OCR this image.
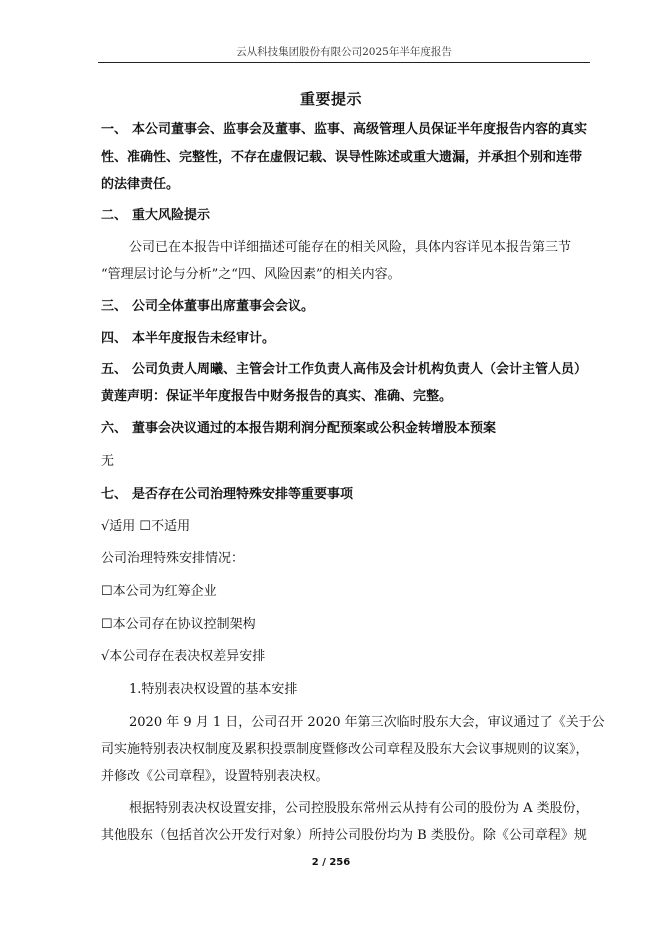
云从科技集团股份有限公司2025年半年度报告
重要提示
一、 本公司董事会、监事会及董事、监事、高级管理人员保证半年度报告内容的真实
性、准确性、完整性，不存在虚假记载、误导性陈述或重大遗漏，并承担个别和连带
的法律责任。
二、 重大风险提示
公司已在本报告中详细描述可能存在的相关风险，具体内容详见本报告第三节
“管理层讨论与分析”之“四、风险因素”的相关内容。
三、 公司全体董事出席董事会会议。
四、 本半年度报告未经审计。
五、 公司负责人周曦、主管会计工作负责人高伟及会计机构负责人（会计主管人员）
黄莲声明：保证半年度报告中财务报告的真实、准确、完整。
六、 董事会决议通过的本报告期利润分配预案或公积金转增股本预案
无
七、 是否存在公司治理特殊安排等重要事项
√适用 ☐不适用
公司治理特殊安排情况：
☐本公司为红筹企业
☐本公司存在协议控制架构
√本公司存在表决权差异安排
1.特别表决权设置的基本安排
2020 年 9 月 1 日，公司召开 2020 年第三次临时股东大会，审议通过了《关于公
司实施特别表决权制度及累积投票制度暨修改公司章程及股东大会议事规则的议案》，
并修改《公司章程》，设置特别表决权。
根据特别表决权设置安排，公司控股股东常州云从持有公司的股份为 A 类股份，
其他股东（包括首次公开发行对象）所持公司股份均为 B 类股份。除《公司章程》规
2 / 256
